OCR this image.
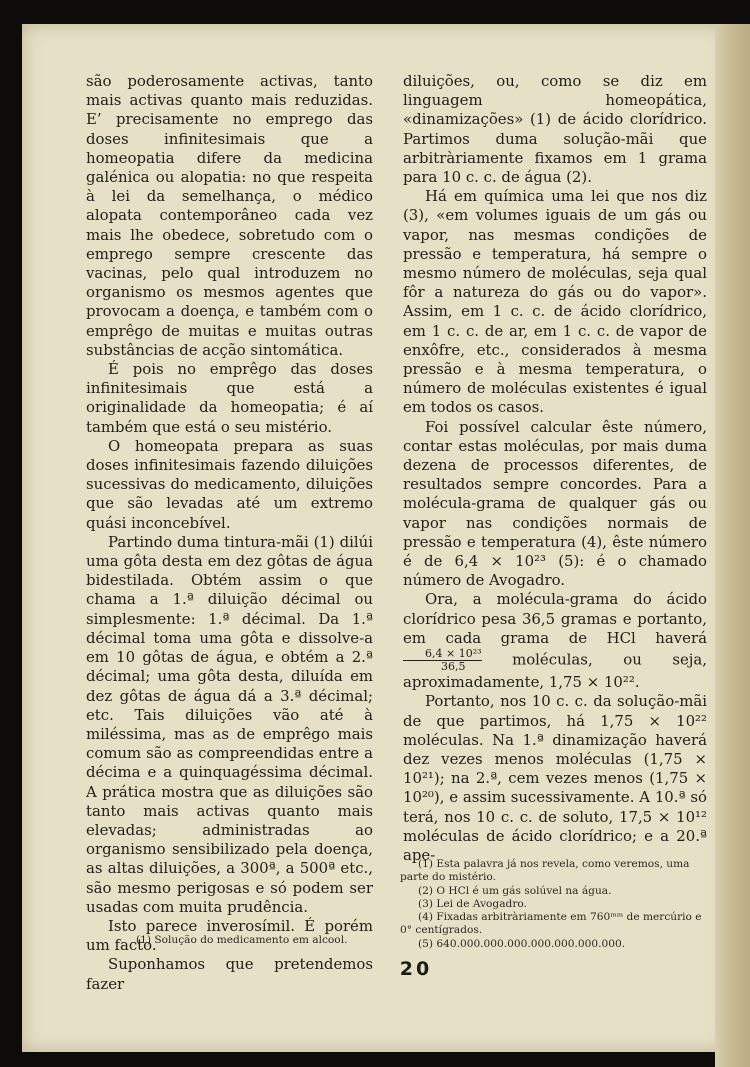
são poderosamente activas, tanto mais activas quanto mais reduzidas. E’ precisamente no emprego das doses infinitesimais que a homeopatia difere da medicina galénica ou alopatia: no que respeita à lei da semelhança, o médico alopata contemporâneo cada vez mais lhe obedece, sobretudo com o emprego sempre crescente das vacinas, pelo qual introduzem no organismo os mesmos agentes que provocam a doença, e também com o emprêgo de muitas e muitas outras substâncias de acção sintomática.

É pois no emprêgo das doses infinitesimais que está a originalidade da homeopatia; é aí também que está o seu mistério.

O homeopata prepara as suas doses infinitesimais fazendo diluições sucessivas do medicamento, diluições que são levadas até um extremo quási inconcebível.

Partindo duma tintura-mãi (1) dilúi uma gôta desta em dez gôtas de água bidestilada. Obtém assim o que chama a 1.ª diluição décimal ou simplesmente: 1.ª décimal. Da 1.ª décimal toma uma gôta e dissolve-a em 10 gôtas de água, e obtém a 2.ª décimal; uma gôta desta, diluída em dez gôtas de água dá a 3.ª décimal; etc. Tais diluições vão até à miléssima, mas as de emprêgo mais comum são as compreendidas entre a décima e a quinquagéssima décimal. A prática mostra que as diluições são tanto mais activas quanto mais elevadas; administradas ao organismo sensibilizado pela doença, as altas diluições, a 300ª, a 500ª etc., são mesmo perigosas e só podem ser usadas com muita prudência.

Isto parece inverosímil. É porém um facto.

Suponhamos que pretendemos fazer

diluições, ou, como se diz em linguagem homeopática, «dinamizações» (1) de ácido clorídrico. Partimos duma solução-mãi que arbitràriamente fixamos em 1 grama para 10 c. c. de água (2).

Há em química uma lei que nos diz (3), «em volumes iguais de um gás ou vapor, nas mesmas condições de pressão e temperatura, há sempre o mesmo número de moléculas, seja qual fôr a natureza do gás ou do vapor». Assim, em 1 c. c. de ácido clorídrico, em 1 c. c. de ar, em 1 c. c. de vapor de enxôfre, etc., considerados à mesma pressão e à mesma temperatura, o número de moléculas existentes é igual em todos os casos.

Foi possível calcular êste número, contar estas moléculas, por mais duma dezena de processos diferentes, de resultados sempre concordes. Para a molécula-grama de qualquer gás ou vapor nas condições normais de pressão e temperatura (4), êste número é de 6,4 × 10²³ (5): é o chamado número de Avogadro.

Ora, a molécula-grama do ácido clorídrico pesa 36,5 gramas e portanto, em cada grama de HCl haverá
$\frac{\text{6,4 × 10²³}}{36,5}$ moléculas, ou seja, aproximadamente, 1,75 × 10²².

Portanto, nos 10 c. c. da solução-mãi de que partimos, há 1,75 × 10²² moléculas. Na 1.ª dinamização haverá dez vezes menos moléculas (1,75 × 10²¹); na 2.ª, cem vezes menos (1,75 × 10²⁰), e assim sucessivamente. A 10.ª só terá, nos 10 c. c. de soluto, 17,5 × 10¹² moléculas de ácido clorídrico; e a 20.ª ape-

(1) Esta palavra já nos revela, como veremos, uma parte do mistério.

(2) O HCl é um gás solúvel na água.

(3) Lei de Avogadro.

(4) Fixadas arbitràriamente em 760ᵐᵐ de mercúrio e 0° centígrados.

(5) 640.000.000.000.000.000.000.000.

(1) Solução do medicamento em alcool.

20
